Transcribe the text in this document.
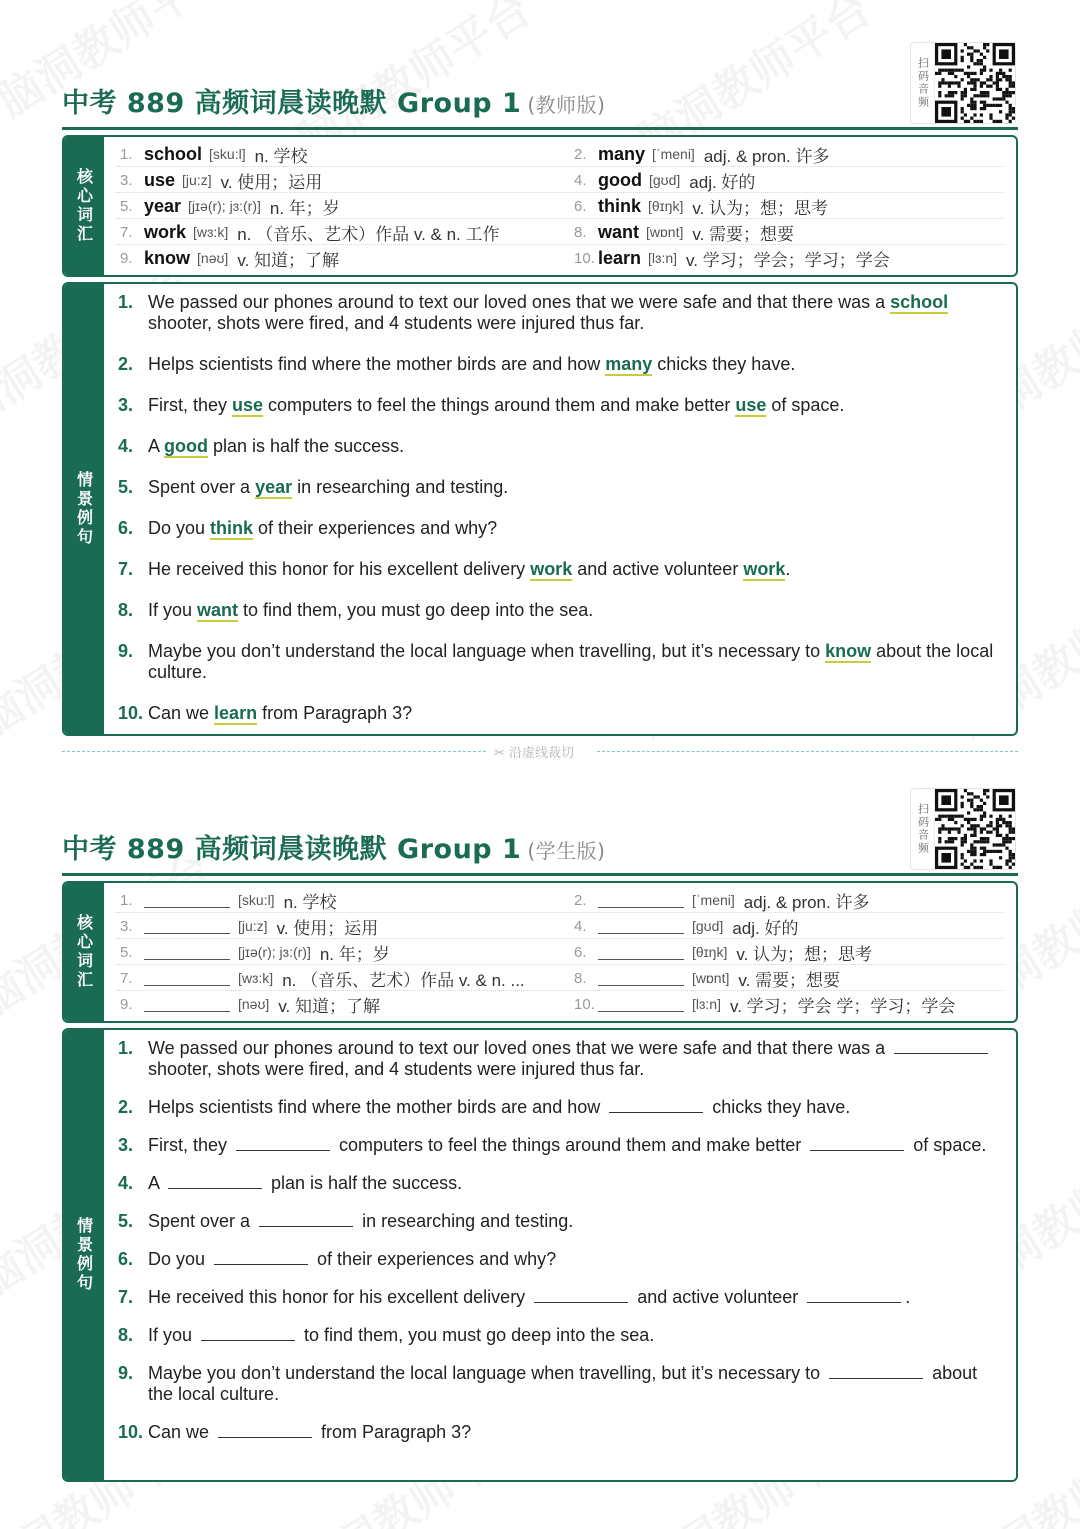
中考 889 高频词晨读晚默 Group 1 (教师版)	扫码音频
核心词汇
1. school [sku:l] n. 学校	2. many [ˈmeni] adj. & pron. 许多
3. use [ju:z] v. 使用；运用	4. good [gʊd] adj. 好的
5. year [jɪə(r); jɜ:(r)] n. 年；岁	6. think [θɪŋk] v. 认为；想；思考
7. work [wɜ:k] n. （音乐、艺术）作品 v. & n. 工作	8. want [wɒnt] v. 需要；想要
9. know [nəʊ] v. 知道；了解	10. learn [lɜ:n] v. 学习；学会；学习；学会
情景例句
1. We passed our phones around to text our loved ones that we were safe and that there was a school shooter, shots were fired, and 4 students were injured thus far.
2. Helps scientists find where the mother birds are and how many chicks they have.
3. First, they use computers to feel the things around them and make better use of space.
4. A good plan is half the success.
5. Spent over a year in researching and testing.
6. Do you think of their experiences and why?
7. He received this honor for his excellent delivery work and active volunteer work.
8. If you want to find them, you must go deep into the sea.
9. Maybe you don’t understand the local language when travelling, but it’s necessary to know about the local culture.
10. Can we learn from Paragraph 3?
✂ 沿虚线裁切
中考 889 高频词晨读晚默 Group 1 (学生版)	扫码音频
核心词汇
1.	[sku:l] n. 学校	2.	[ˈmeni] adj. & pron. 许多
3.	[ju:z] v. 使用；运用	4.	[gʊd] adj. 好的
5.	[jɪə(r); jɜ:(r)] n. 年；岁	6.	[θɪŋk] v. 认为；想；思考
7.	[wɜ:k] n. （音乐、艺术）作品 v. & n. ...	8.	[wɒnt] v. 需要；想要
9.	[nəʊ] v. 知道；了解	10.	[lɜ:n] v. 学习；学会 学；学习；学会
情景例句
1. We passed our phones around to text our loved ones that we were safe and that there was a  shooter, shots were fired, and 4 students were injured thus far.
2. Helps scientists find where the mother birds are and how	chicks they have.
3. First, they	computers to feel the things around them and make better	of space.
4. A	plan is half the success.
5. Spent over a	in researching and testing.
6. Do you	of their experiences and why?
7. He received this honor for his excellent delivery	and active volunteer	.
8. If you	to find them, you must go deep into the sea.
9. Maybe you don’t understand the local language when travelling, but it’s necessary to	about the local culture.
10. Can we	from Paragraph 3?
